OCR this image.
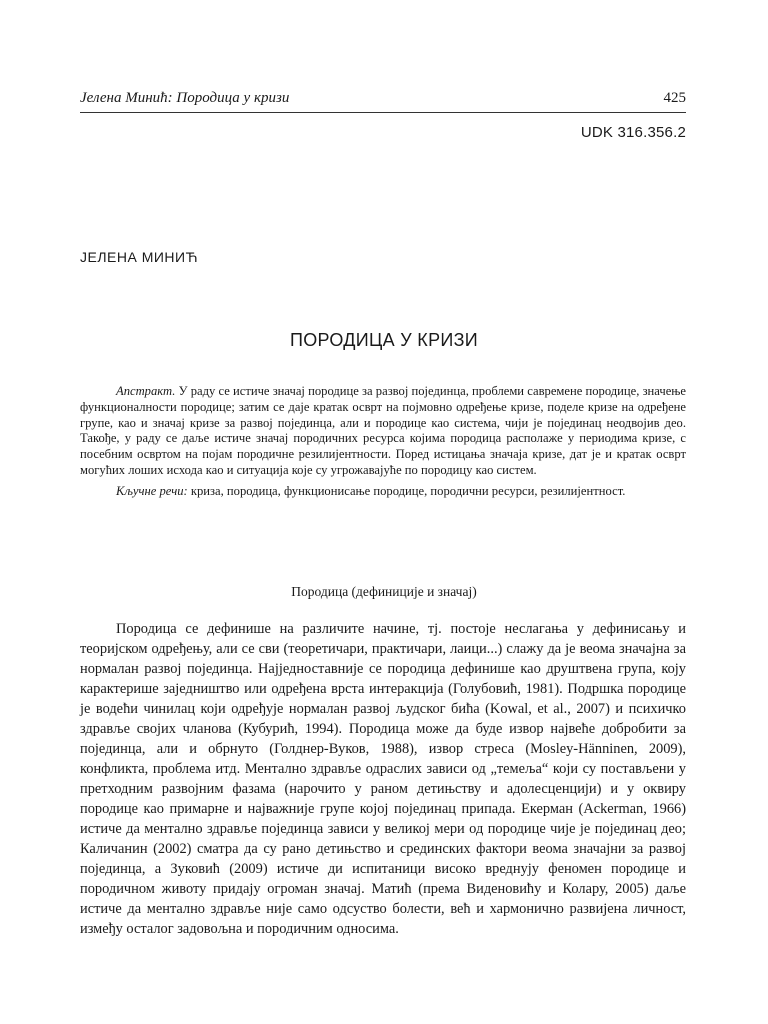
Јелена Минић: Породица у кризи	425
UDK 316.356.2
ЈЕЛЕНА МИНИЋ
ПОРОДИЦА У КРИЗИ

Апстракт. У раду се истиче значај породице за развој појединца, проблеми савремене породице, значење функционалности породице; затим се даје кратак осврт на појмовно одређење кризе, поделе кризе на одређене групе, као и значај кризе за развој појединца, али и породице као система, чији је појединац неодвојив део. Такође, у раду се даље истиче значај породичних ресурса којима породица располаже у периодима кризе, с посебним освртом на појам породичне резилијентности. Поред истицања значаја кризе, дат је и кратак осврт могућих лоших исхода као и ситуација које су угрожавајуће по породицу као систем.

Кључне речи: криза, породица, функционисање породице, породични ресурси, резилијентност.

Породица (дефиниције и значај)

Породица се дефинише на различите начине, тј. постоје неслагања у дефинисању и теоријском одређењу, али се сви (теоретичари, практичари, лаици...) слажу да је веома значајна за нормалан развој појединца. Најједноставније се породица дефинише као друштвена група, коју карактерише заједништво или одређена врста интеракција (Голубовић, 1981). Подршка породице је водећи чинилац који одређује нормалан развој људског бића (Kowal, et al., 2007) и психичко здравље својих чланова (Кубурић, 1994). Породица може да буде извор највеће добробити за појединца, али и обрнуто (Голднер-Вуков, 1988), извор стреса (Mosley-Hänninen, 2009), конфликта, проблема итд. Ментално здравље одраслих зависи од „темеља“ који су постављени у претходним развојним фазама (нарочито у раном детињству и адолесценцији) и у оквиру породице као примарне и најважније групе којој појединац припада. Екерман (Ackerman, 1966) истиче да ментално здравље појединца зависи у великој мери од породице чије је појединац део; Каличанин (2002) сматра да су рано детињство и срединских фактори веома значајни за развој појединца, а Зуковић (2009) истиче ди испитаници високо вреднују феномен породице и породичном животу придају огроман значај. Матић (према Виденовићу и Колару, 2005) даље истиче да ментално здравље није само одсуство болести, већ и хармонично развијена личност, између осталог задовољна и породичним односима.
